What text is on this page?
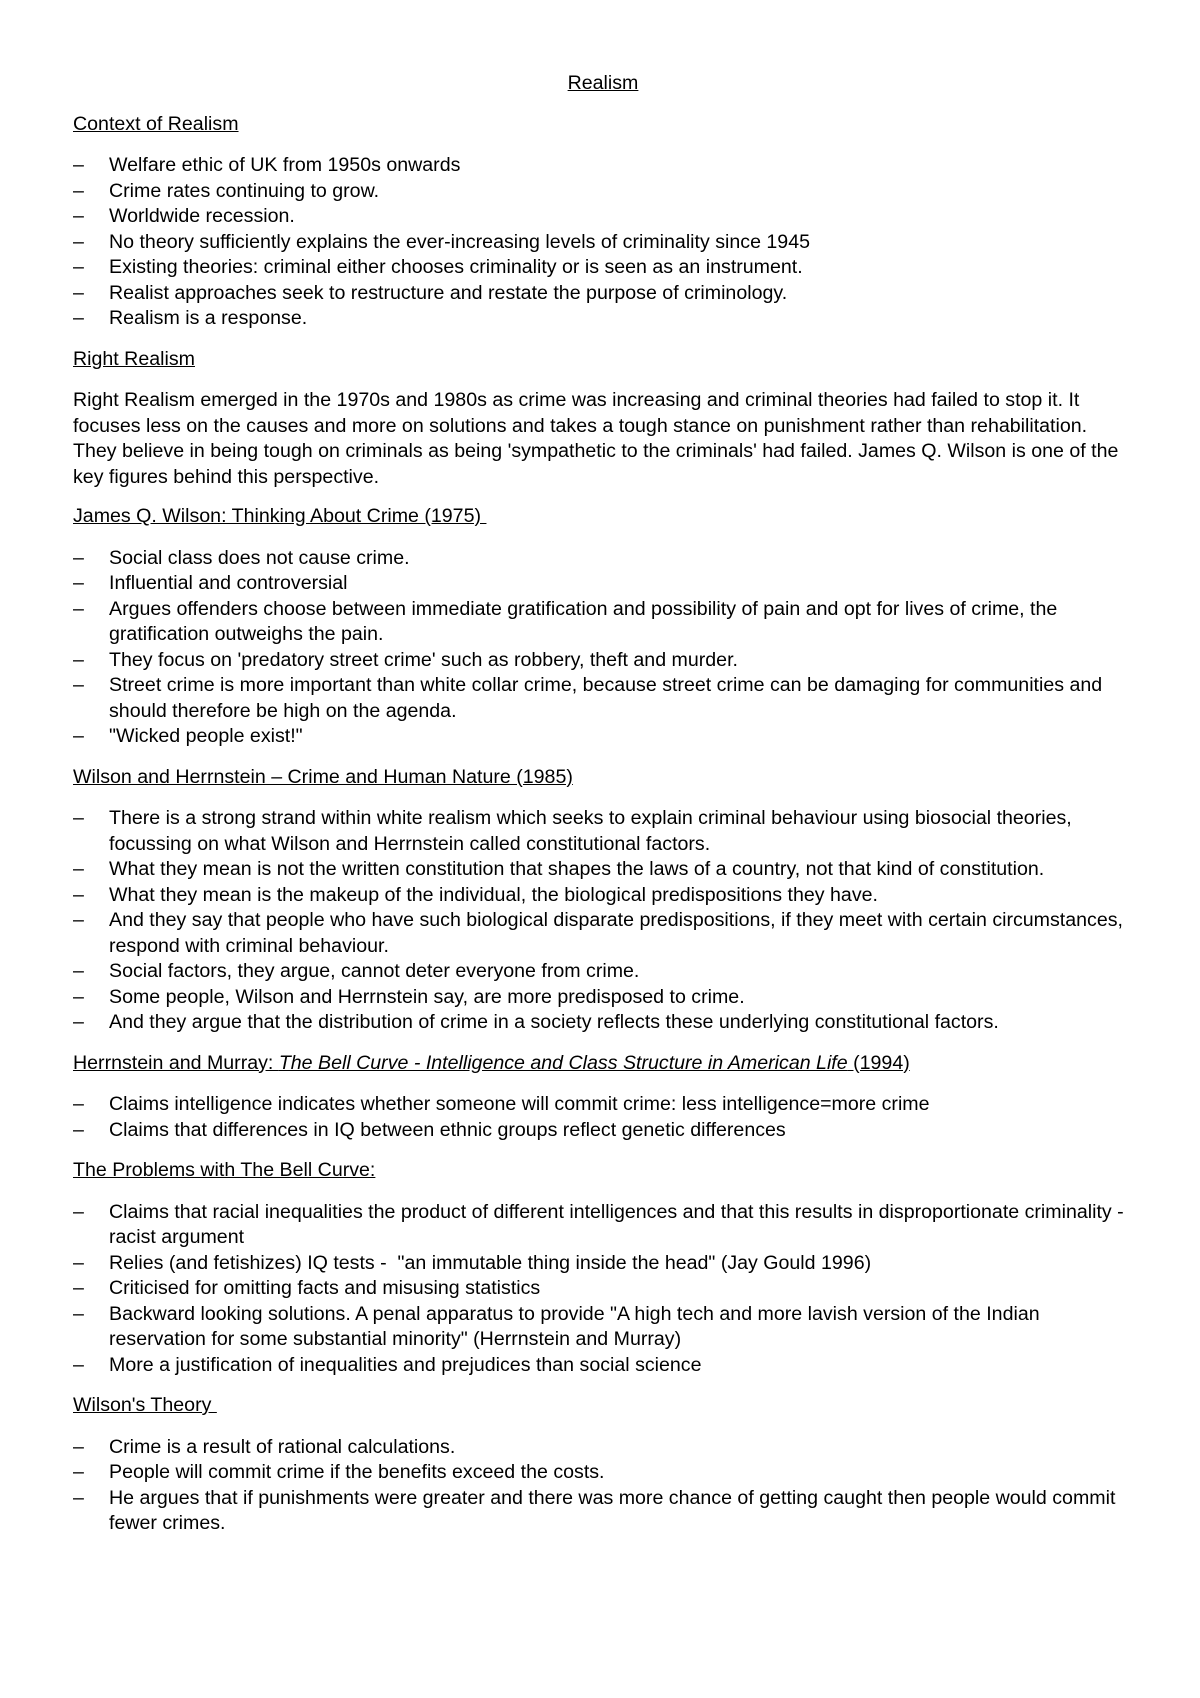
Realism
Context of Realism
– Welfare ethic of UK from 1950s onwards
– Crime rates continuing to grow.
– Worldwide recession.
– No theory sufficiently explains the ever-increasing levels of criminality since 1945
– Existing theories: criminal either chooses criminality or is seen as an instrument.
– Realist approaches seek to restructure and restate the purpose of criminology.
– Realism is a response.
Right Realism

Right Realism emerged in the 1970s and 1980s as crime was increasing and criminal theories had failed to stop it. It focuses less on the causes and more on solutions and takes a tough stance on punishment rather than rehabilitation. They believe in being tough on criminals as being 'sympathetic to the criminals' had failed. James Q. Wilson is one of the key figures behind this perspective.

James Q. Wilson: Thinking About Crime (1975)
– Social class does not cause crime.
– Influential and controversial
– Argues offenders choose between immediate gratification and possibility of pain and opt for lives of crime, the gratification outweighs the pain.
– They focus on 'predatory street crime' such as robbery, theft and murder.
– Street crime is more important than white collar crime, because street crime can be damaging for communities and should therefore be high on the agenda.
– "Wicked people exist!"
Wilson and Herrnstein – Crime and Human Nature (1985)
– There is a strong strand within white realism which seeks to explain criminal behaviour using biosocial theories, focussing on what Wilson and Herrnstein called constitutional factors.
– What they mean is not the written constitution that shapes the laws of a country, not that kind of constitution.
– What they mean is the makeup of the individual, the biological predispositions they have.
– And they say that people who have such biological disparate predispositions, if they meet with certain circumstances, respond with criminal behaviour.
– Social factors, they argue, cannot deter everyone from crime.
– Some people, Wilson and Herrnstein say, are more predisposed to crime.
– And they argue that the distribution of crime in a society reflects these underlying constitutional factors.
Herrnstein and Murray: The Bell Curve - Intelligence and Class Structure in American Life (1994)
– Claims intelligence indicates whether someone will commit crime: less intelligence=more crime
– Claims that differences in IQ between ethnic groups reflect genetic differences
The Problems with The Bell Curve:
– Claims that racial inequalities the product of different intelligences and that this results in disproportionate criminality - racist argument
– Relies (and fetishizes) IQ tests -  "an immutable thing inside the head" (Jay Gould 1996)
– Criticised for omitting facts and misusing statistics
– Backward looking solutions. A penal apparatus to provide "A high tech and more lavish version of the Indian reservation for some substantial minority" (Herrnstein and Murray)
– More a justification of inequalities and prejudices than social science
Wilson's Theory
– Crime is a result of rational calculations.
– People will commit crime if the benefits exceed the costs.
– He argues that if punishments were greater and there was more chance of getting caught then people would commit fewer crimes.
